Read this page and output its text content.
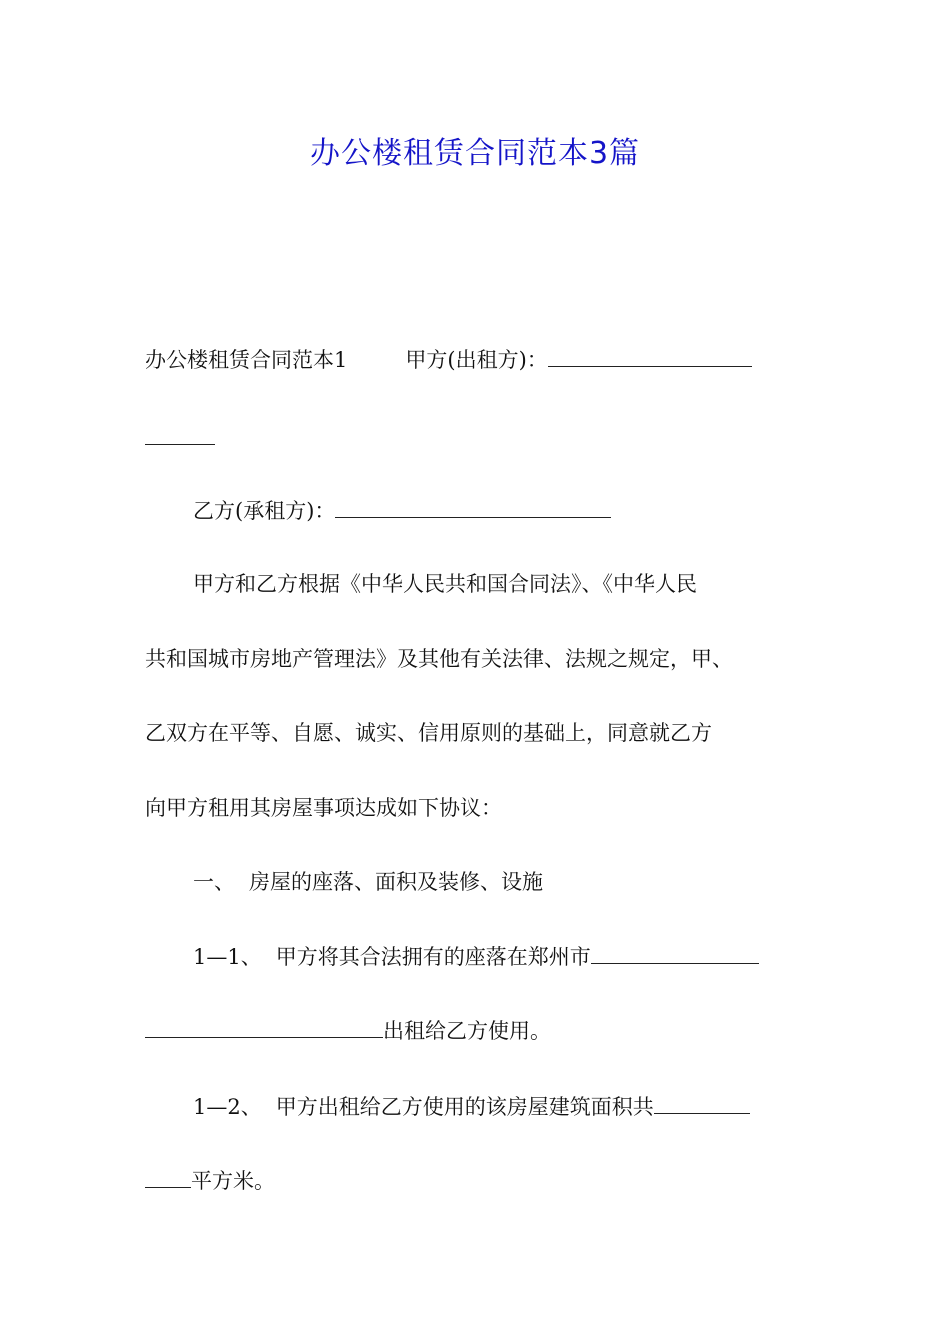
办公楼租赁合同范本3篇

办公楼租赁合同范本1	甲方(出租方)：

乙方(承租方)：

甲方和乙方根据《中华人民共和国合同法》、《中华人民

共和国城市房地产管理法》及其他有关法律、法规之规定，甲、

乙双方在平等、自愿、诚实、信用原则的基础上，同意就乙方

向甲方租用其房屋事项达成如下协议：

一、 房屋的座落、面积及装修、设施

1—1、 甲方将其合法拥有的座落在郑州市

出租给乙方使用。

1—2、 甲方出租给乙方使用的该房屋建筑面积共

平方米。
